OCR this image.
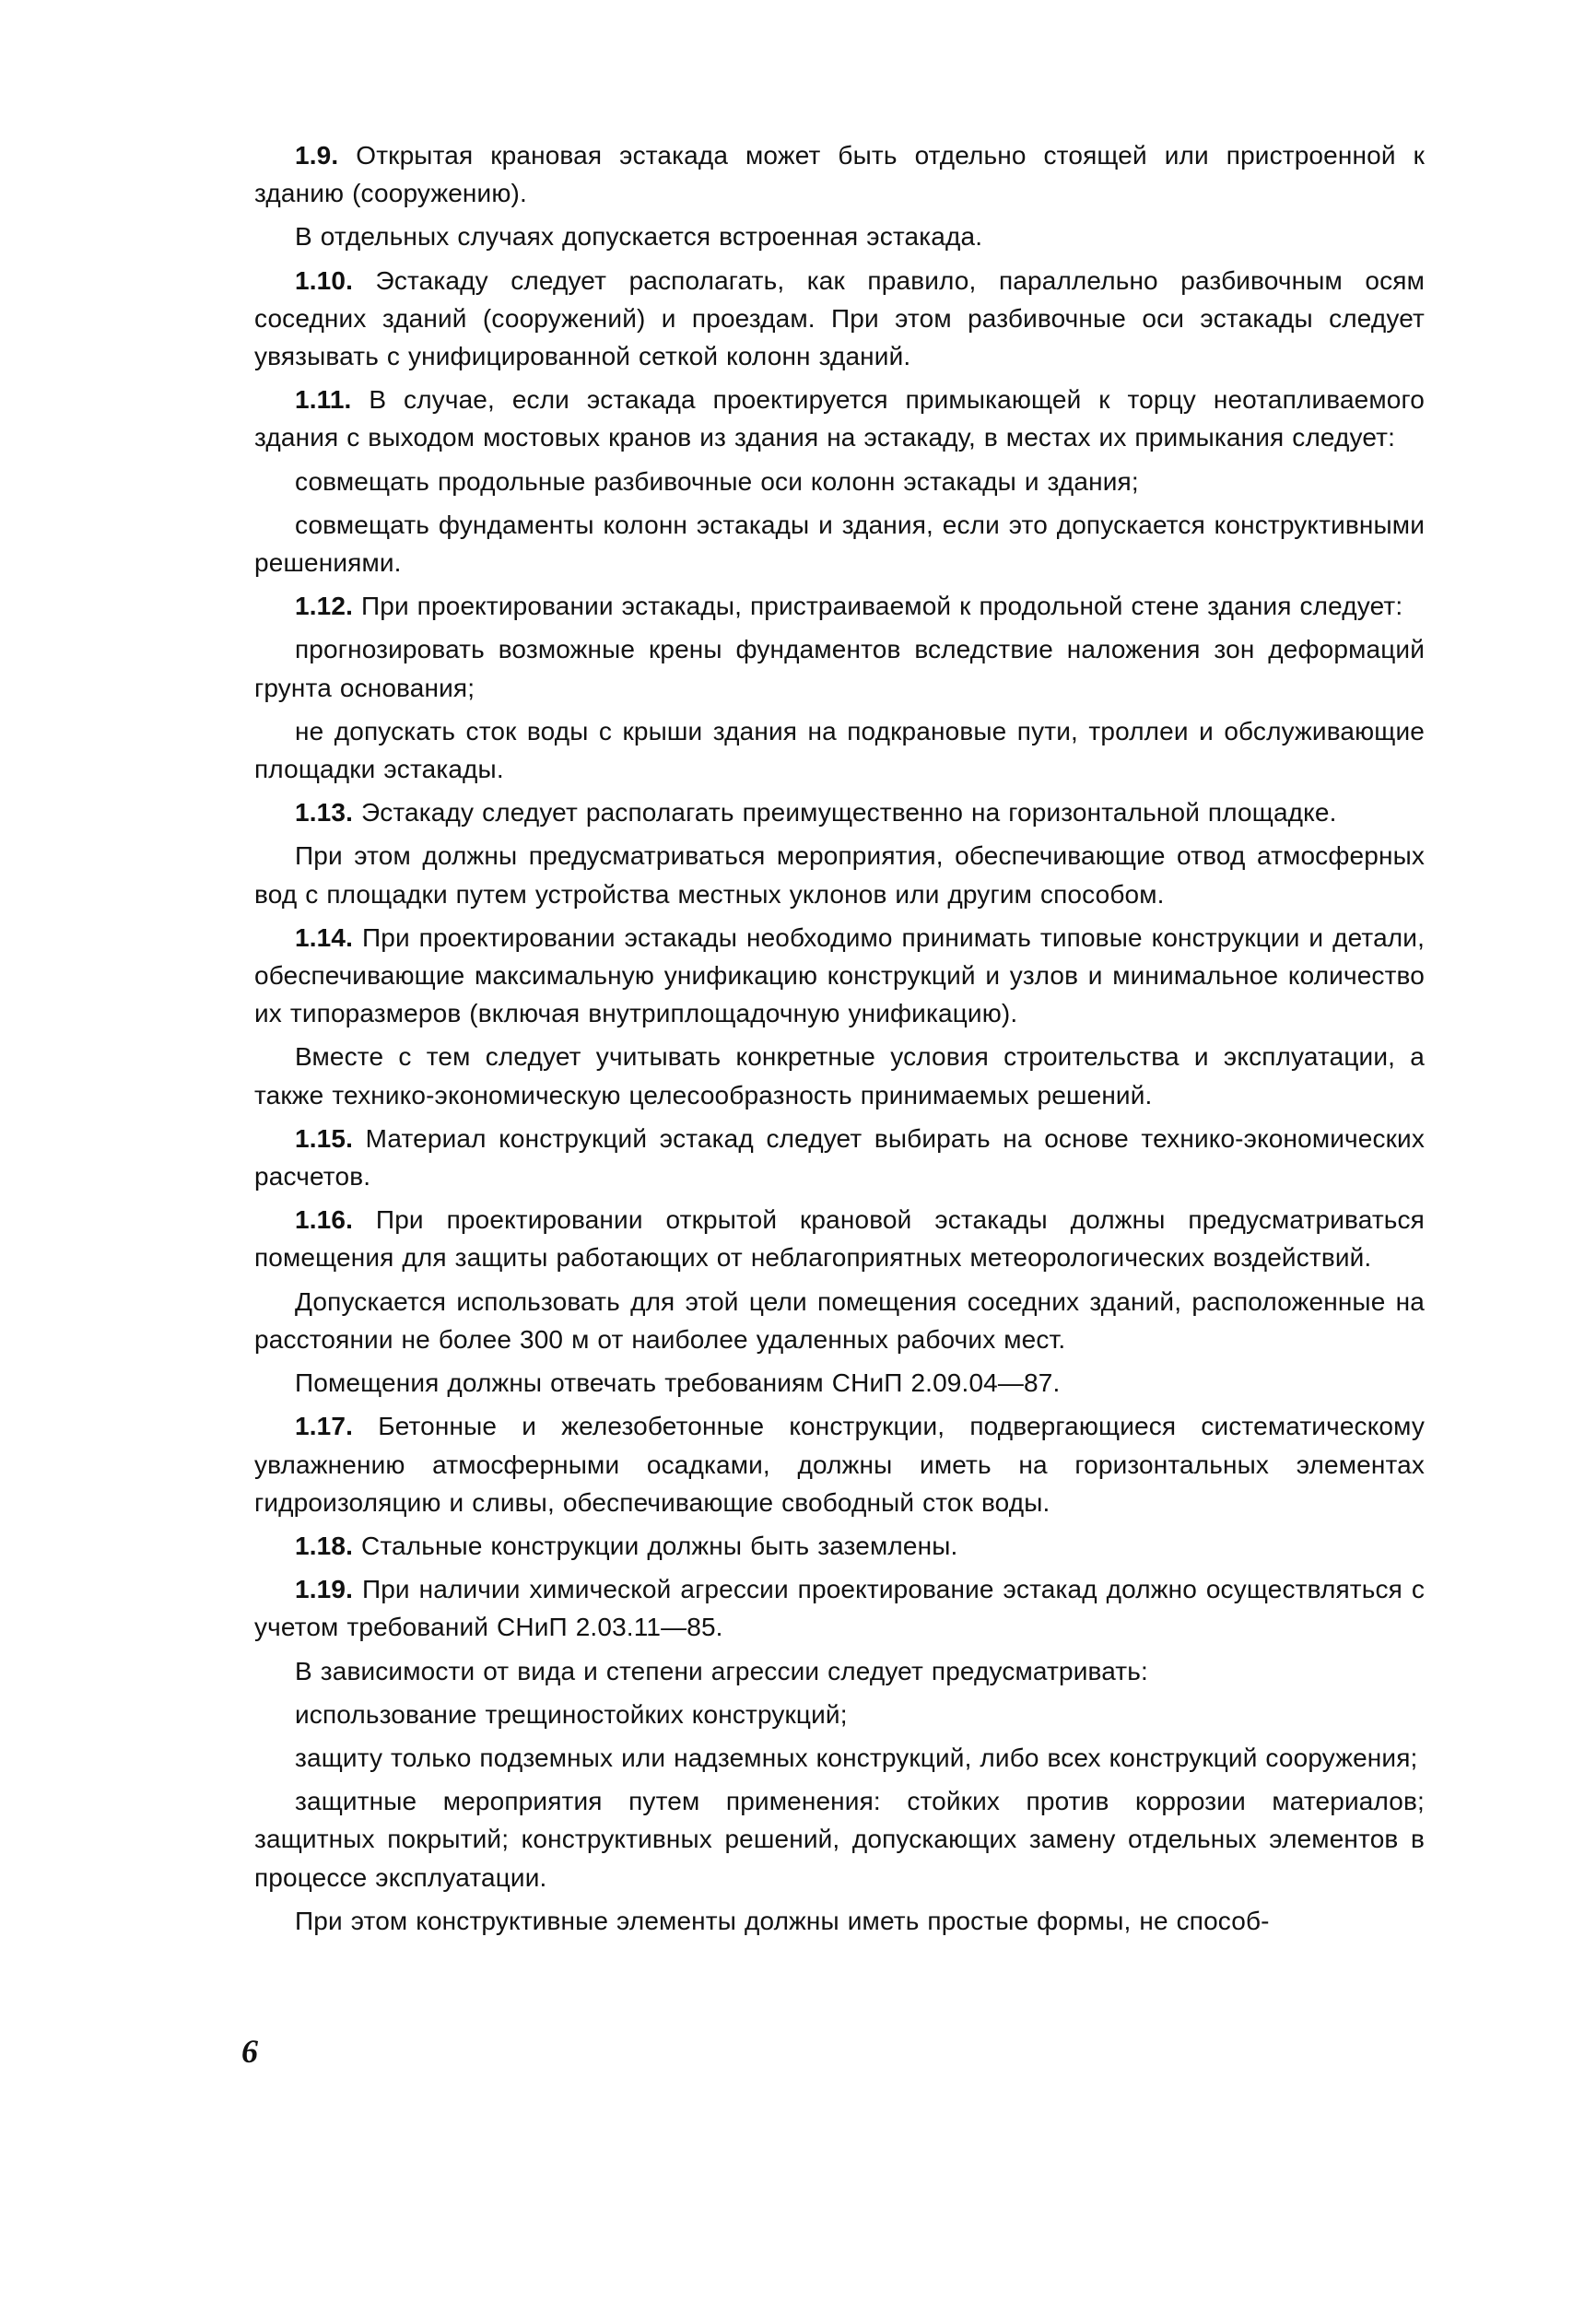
1.9. Открытая крановая эстакада может быть отдельно стоящей или пристроенной к зданию (сооружению).

В отдельных случаях допускается встроенная эстакада.

1.10. Эстакаду следует располагать, как правило, параллельно разбивочным осям соседних зданий (сооружений) и проездам. При этом разбивочные оси эстакады следует увязывать с унифицированной сеткой колонн зданий.

1.11. В случае, если эстакада проектируется примыкающей к торцу неотапливаемого здания с выходом мостовых кранов из здания на эстакаду, в местах их примыкания следует:

совмещать продольные разбивочные оси колонн эстакады и здания;

совмещать фундаменты колонн эстакады и здания, если это допускается конструктивными решениями.

1.12. При проектировании эстакады, пристраиваемой к продольной стене здания следует:

прогнозировать возможные крены фундаментов вследствие наложения зон деформаций грунта основания;

не допускать сток воды с крыши здания на подкрановые пути, троллеи и обслуживающие площадки эстакады.

1.13. Эстакаду следует располагать преимущественно на горизонтальной площадке.

При этом должны предусматриваться мероприятия, обеспечивающие отвод атмосферных вод с площадки путем устройства местных уклонов или другим способом.

1.14. При проектировании эстакады необходимо принимать типовые конструкции и детали, обеспечивающие максимальную унификацию конструкций и узлов и минимальное количество их типоразмеров (включая внутриплощадочную унификацию).

Вместе с тем следует учитывать конкретные условия строительства и эксплуатации, а также технико-экономическую целесообразность принимаемых решений.

1.15. Материал конструкций эстакад следует выбирать на основе технико-экономических расчетов.

1.16. При проектировании открытой крановой эстакады должны предусматриваться помещения для защиты работающих от неблагоприятных метеорологических воздействий.

Допускается использовать для этой цели помещения соседних зданий, расположенные на расстоянии не более 300 м от наиболее удаленных рабочих мест.

Помещения должны отвечать требованиям СНиП 2.09.04—87.

1.17. Бетонные и железобетонные конструкции, подвергающиеся систематическому увлажнению атмосферными осадками, должны иметь на горизонтальных элементах гидроизоляцию и сливы, обеспечивающие свободный сток воды.

1.18. Стальные конструкции должны быть заземлены.

1.19. При наличии химической агрессии проектирование эстакад должно осуществляться с учетом требований СНиП 2.03.11—85.

В зависимости от вида и степени агрессии следует предусматривать:

использование трещиностойких конструкций;

защиту только подземных или надземных конструкций, либо всех конструкций сооружения;

защитные мероприятия путем применения: стойких против коррозии материалов; защитных покрытий; конструктивных решений, допускающих замену отдельных элементов в процессе эксплуатации.

При этом конструктивные элементы должны иметь простые формы, не способ-

6
